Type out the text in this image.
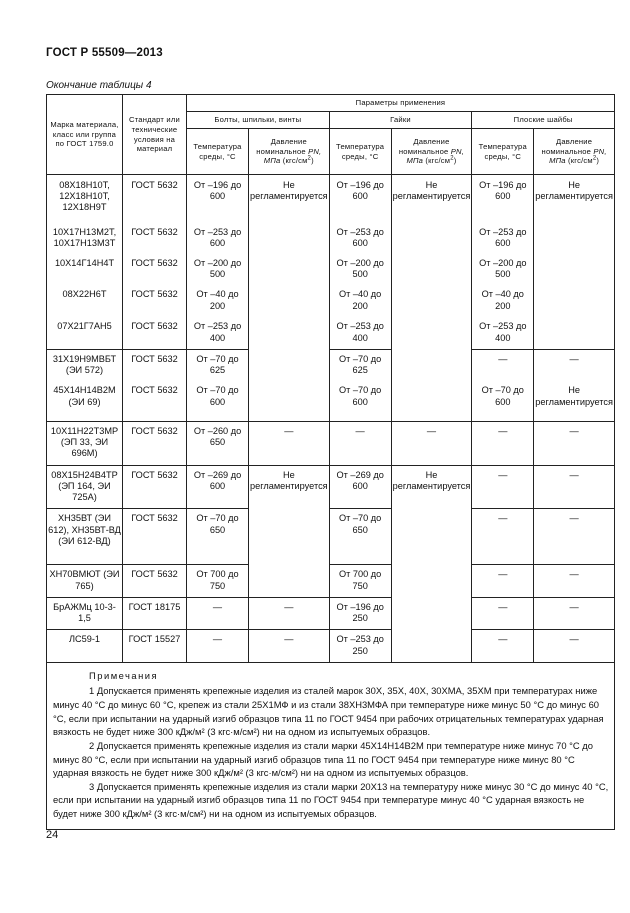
ГОСТ Р 55509—2013
Окончание таблицы 4
Марка материала, класс или группа по ГОСТ 1759.0	Стандарт или технические условия на материал	Параметры применения					
		Болты, шпильки, винты		Гайки		Плоские шайбы	
		Температура среды, °С	Давление номинальное PN, МПа $(кгс/см^2)$	Температура среды, °С	Давление номинальное PN, МПа $(кгс/см^2)$	Температура среды, °С	Давление номинальное PN, МПа $(кгс/см^2)$
08Х18Н10Т, 12Х18Н10Т, 12Х18Н9Т	ГОСТ 5632	От –196 до 600	Не регламентируется	От –196 до 600	Не регламентируется	От –196 до 600	Не регламентируется
10Х17Н13М2Т, 10Х17Н13М3Т	ГОСТ 5632	От –253 до 600		От –253 до 600		От –253 до 600	
10Х14Г14Н4Т	ГОСТ 5632	От –200 до 500		От –200 до 500		От –200 до 500	
08Х22Н6Т	ГОСТ 5632	От –40 до 200		От –40 до 200		От –40 до 200	
07Х21Г7АН5	ГОСТ 5632	От –253 до 400		От –253 до 400		От –253 до 400	
31Х19Н9МВБТ (ЭИ 572)	ГОСТ 5632	От –70 до 625		От –70 до 625		—	—
45Х14Н14В2М (ЭИ 69)	ГОСТ 5632	От –70 до 600		От –70 до 600		От –70 до 600	Не регламентируется
10Х11Н22Т3МР (ЭП 33, ЭИ 696М)	ГОСТ 5632	От –260 до 650	—	—	—	—	—
08Х15Н24В4ТР (ЭП 164, ЭИ 725А)	ГОСТ 5632	От –269 до 600	Не регламентируется	От –269 до 600	Не регламентируется	—	—
ХН35ВТ (ЭИ 612), ХН35ВТ-ВД (ЭИ 612-ВД)	ГОСТ 5632	От –70 до 650		От –70 до 650		—	—
ХН70ВМЮТ (ЭИ 765)	ГОСТ 5632	От 700 до 750		От 700 до 750		—	—
БрАЖМц 10-3-1,5	ГОСТ 18175	—	—	От –196 до 250		—	—
ЛС59-1	ГОСТ 15527	—	—	От –253 до 250		—	—

Примечания

1 Допускается применять крепежные изделия из сталей марок 30Х, 35Х, 40Х, 30ХМА, 35ХМ при температурах ниже минус 40 °С до минус 60 °С, крепеж из стали 25Х1МФ и из стали 38ХН3МФА при температуре ниже минус 50 °С до минус 60 °С, если при испытании на ударный изгиб образцов типа 11 по ГОСТ 9454 при рабочих отрицательных температурах ударная вязкость не будет ниже 300 кДж/м² (3 кгс·м/см²) ни на одном из испытуемых образцов.

2 Допускается применять крепежные изделия из стали марки 45Х14Н14В2М при температуре ниже минус 70 °С до минус 80 °С, если при испытании на ударный изгиб образцов типа 11 по ГОСТ 9454 при температуре ниже минус 80 °С ударная вязкость не будет ниже 300 кДж/м² (3 кгс·м/см²) ни на одном из испытуемых образцов.

3 Допускается применять крепежные изделия из стали марки 20Х13 на температуру ниже минус 30 °С до минус 40 °С, если при испытании на ударный изгиб образцов типа 11 по ГОСТ 9454 при температуре минус 40 °С ударная вязкость не будет ниже 300 кДж/м² (3 кгс·м/см²) ни на одном из испытуемых образцов.							

24
